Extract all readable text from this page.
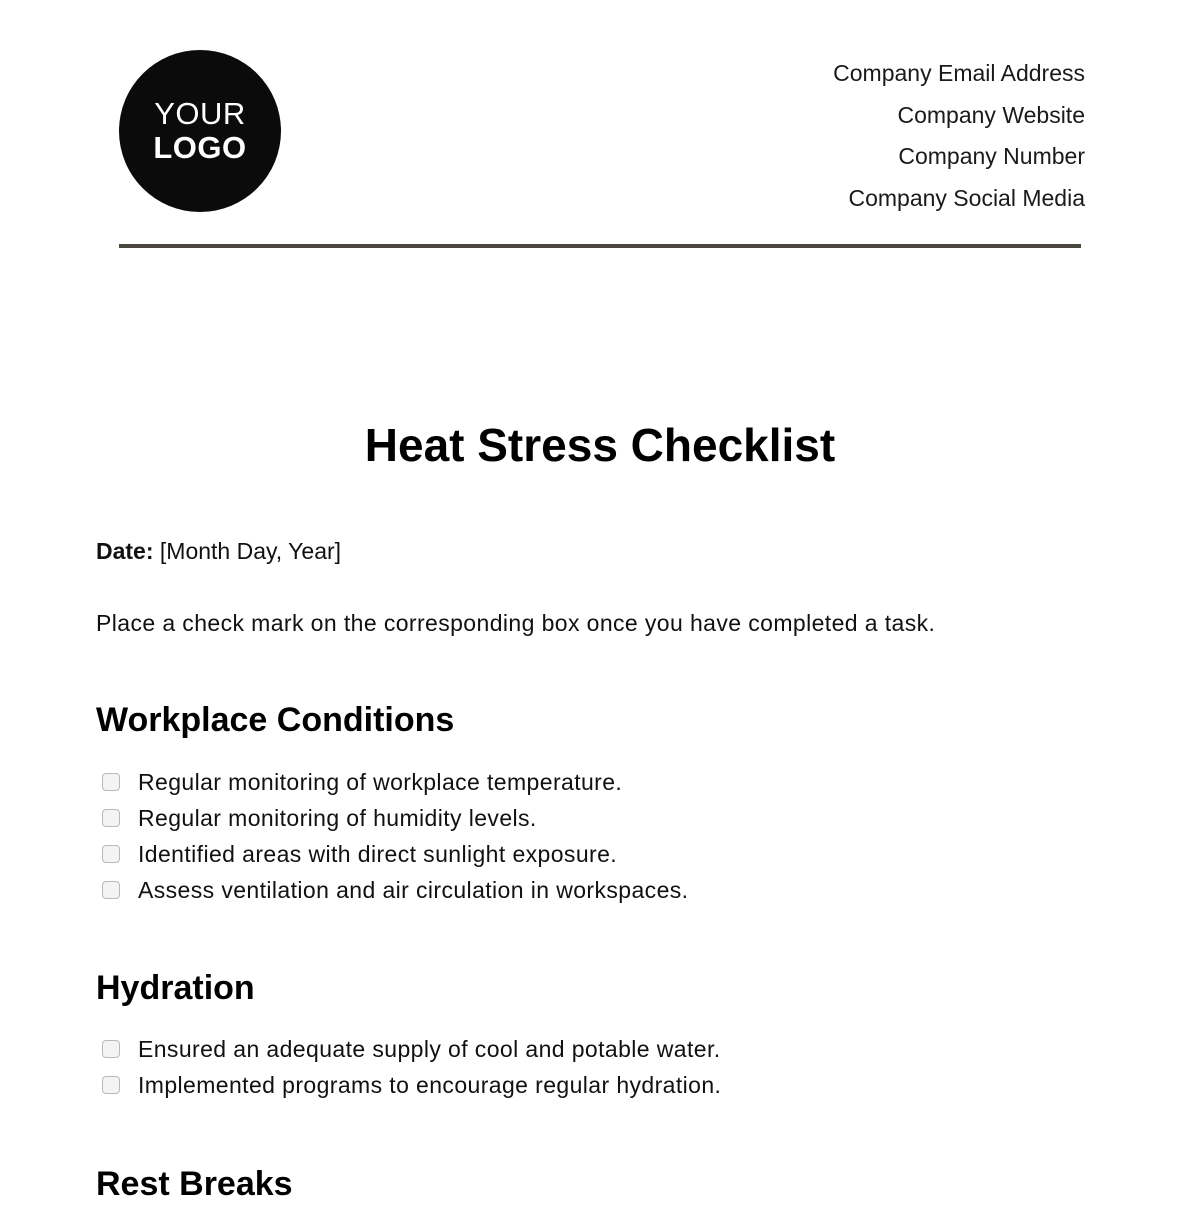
YOUR
LOGO
Company Email Address
Company Website
Company Number
Company Social Media
Heat Stress Checklist
Date: [Month Day, Year]
Place a check mark on the corresponding box once you have completed a task.
Workplace Conditions
Regular monitoring of workplace temperature.
Regular monitoring of humidity levels.
Identified areas with direct sunlight exposure.
Assess ventilation and air circulation in workspaces.
Hydration
Ensured an adequate supply of cool and potable water.
Implemented programs to encourage regular hydration.
Rest Breaks
